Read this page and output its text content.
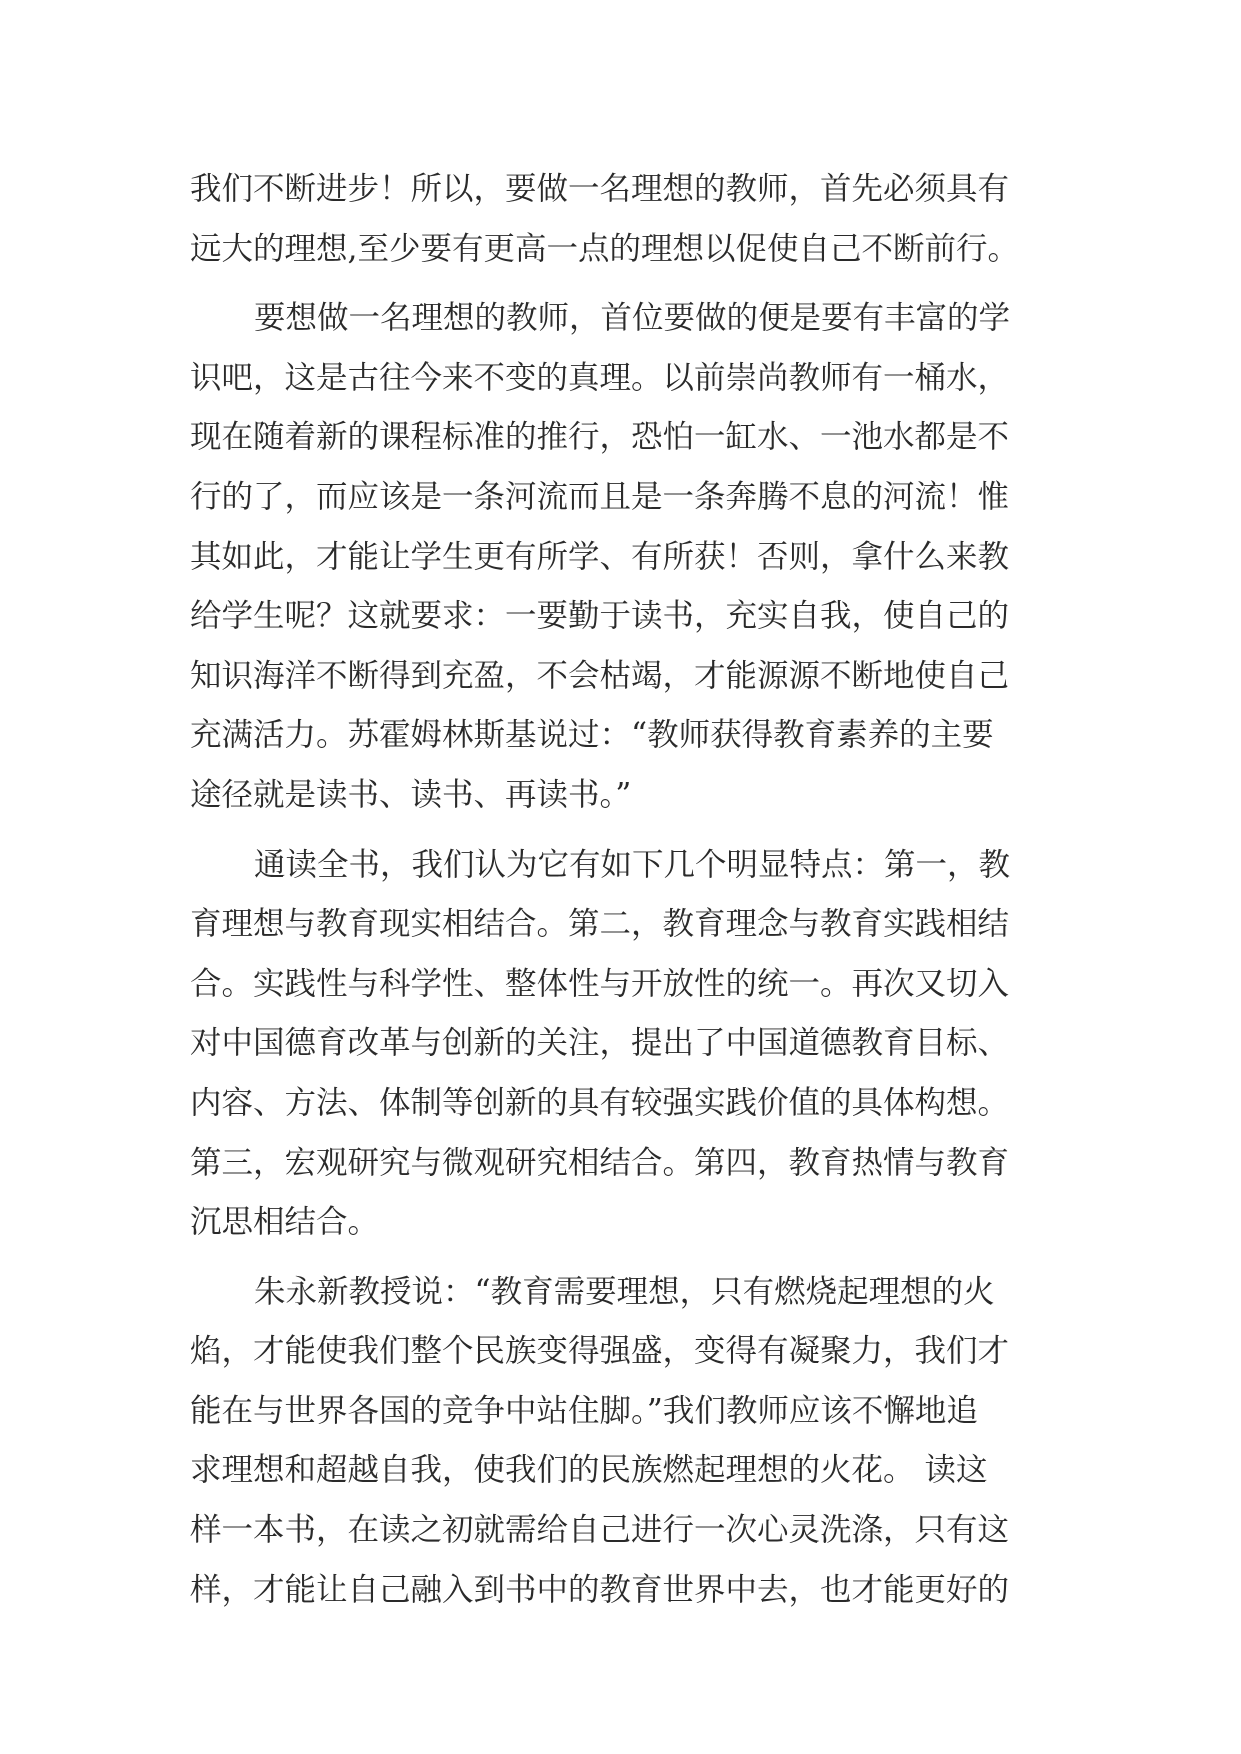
我们不断进步！所以，要做一名理想的教师，首先必须具有
远大的理想,至少要有更高一点的理想以促使自己不断前行。
要想做一名理想的教师，首位要做的便是要有丰富的学
识吧，这是古往今来不变的真理。以前崇尚教师有一桶水，
现在随着新的课程标准的推行，恐怕一缸水、一池水都是不
行的了，而应该是一条河流而且是一条奔腾不息的河流！惟
其如此，才能让学生更有所学、有所获！否则，拿什么来教
给学生呢？这就要求：一要勤于读书，充实自我，使自己的
知识海洋不断得到充盈，不会枯竭，才能源源不断地使自己
充满活力。苏霍姆林斯基说过：“教师获得教育素养的主要
途径就是读书、读书、再读书。”
通读全书，我们认为它有如下几个明显特点：第一，教
育理想与教育现实相结合。第二，教育理念与教育实践相结
合。实践性与科学性、整体性与开放性的统一。再次又切入
对中国德育改革与创新的关注，提出了中国道德教育目标、
内容、方法、体制等创新的具有较强实践价值的具体构想。
第三，宏观研究与微观研究相结合。第四，教育热情与教育
沉思相结合。
朱永新教授说：“教育需要理想，只有燃烧起理想的火
焰，才能使我们整个民族变得强盛，变得有凝聚力，我们才
能在与世界各国的竞争中站住脚。”我们教师应该不懈地追
求理想和超越自我，使我们的民族燃起理想的火花。 读这
样一本书，在读之初就需给自己进行一次心灵洗涤，只有这
样，才能让自己融入到书中的教育世界中去，也才能更好的
